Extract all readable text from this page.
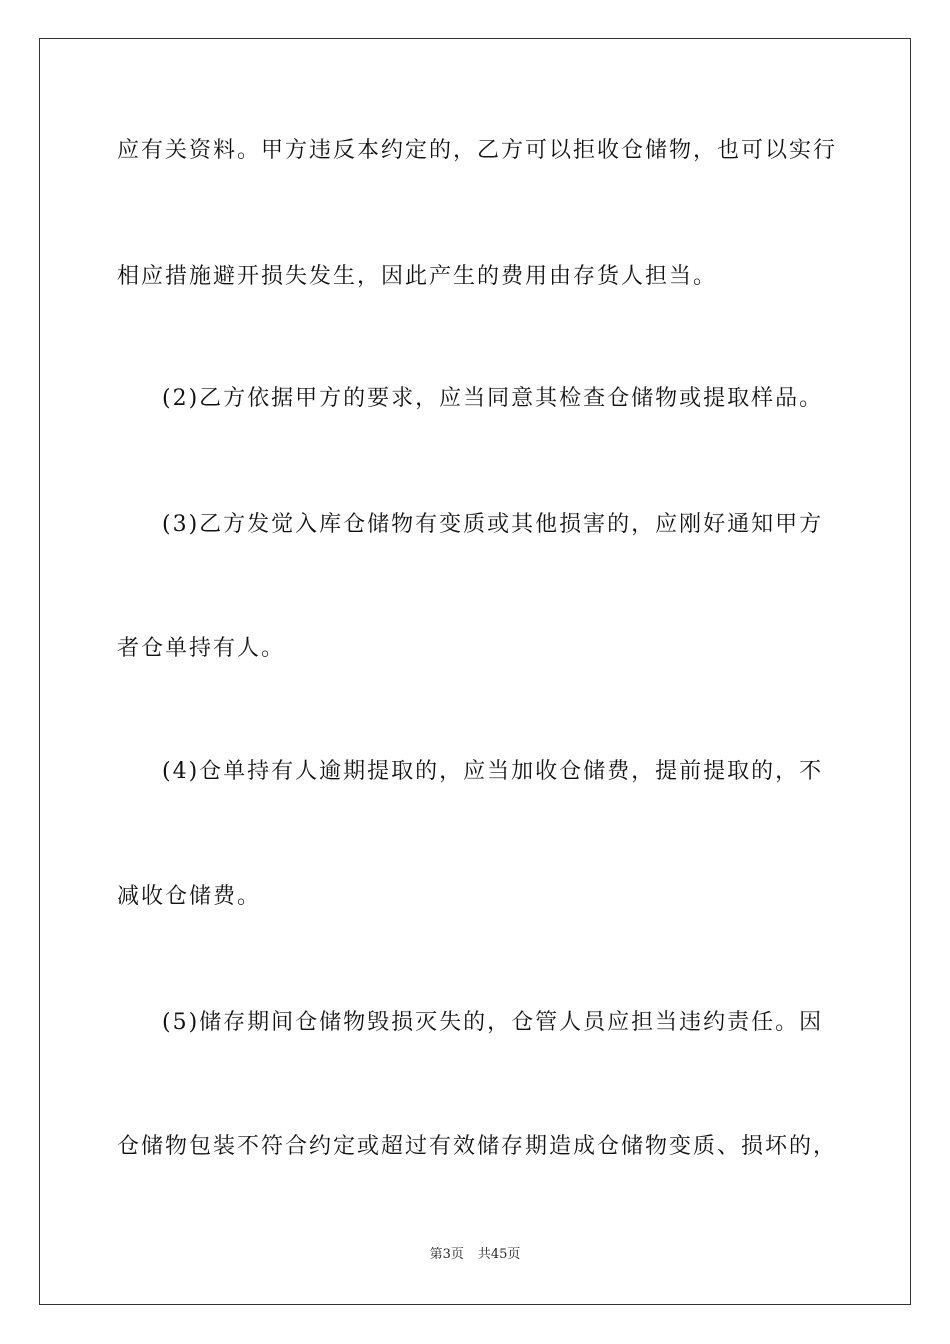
应有关资料。甲方违反本约定的，乙方可以拒收仓储物，也可以实行
相应措施避开损失发生，因此产生的费用由存货人担当。
(2)乙方依据甲方的要求，应当同意其检查仓储物或提取样品。
(3)乙方发觉入库仓储物有变质或其他损害的，应刚好通知甲方
者仓单持有人。
(4)仓单持有人逾期提取的，应当加收仓储费，提前提取的，不
减收仓储费。
(5)储存期间仓储物毁损灭失的，仓管人员应担当违约责任。因
仓储物包装不符合约定或超过有效储存期造成仓储物变质、损坏的，
第3页 共45页
